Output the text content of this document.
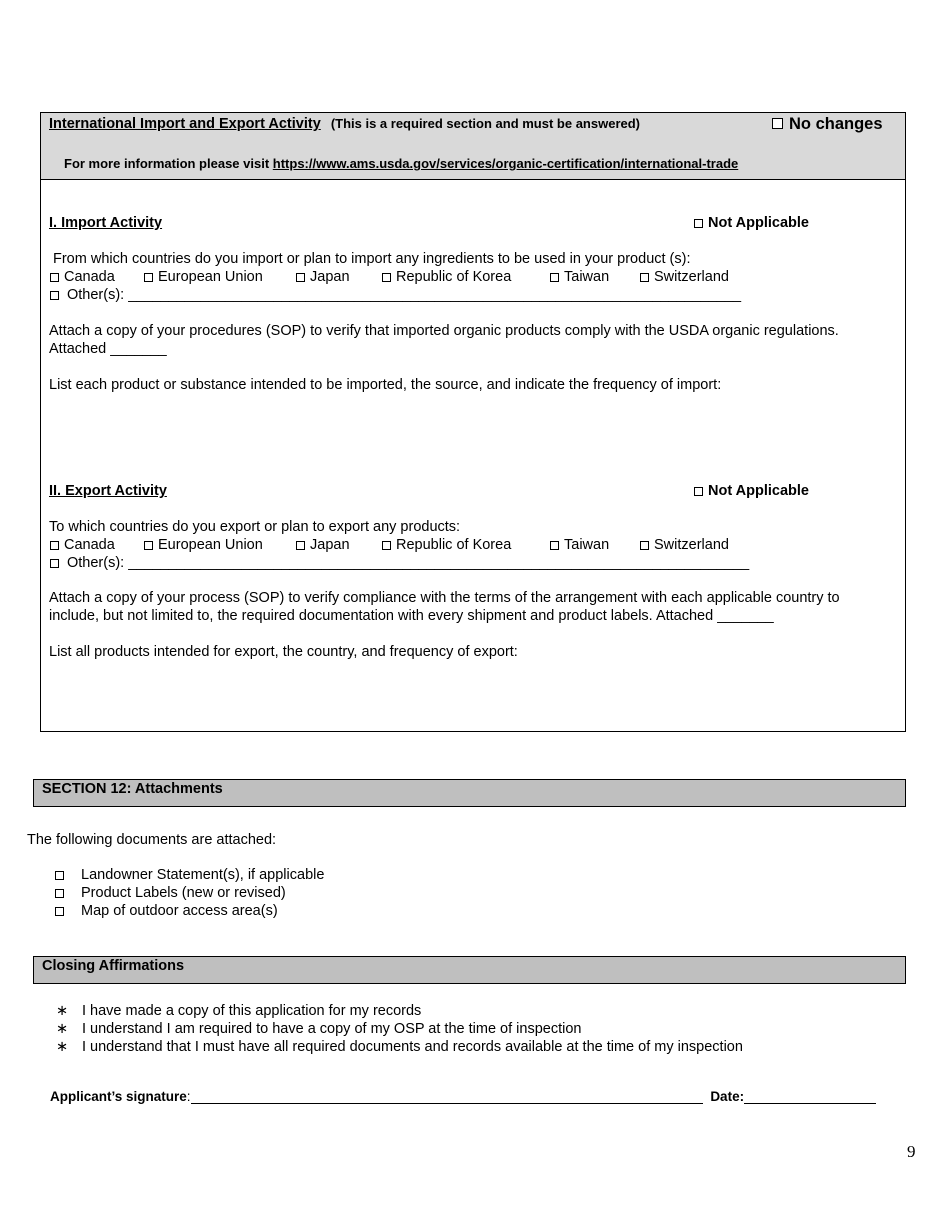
International Import and Export Activity (This is a required section and must be answered)	No changes
For more information please visit https://www.ams.usda.gov/services/organic-certification/international-trade
I. Import Activity	Not Applicable
From which countries do you import or plan to import any ingredients to be used in your product (s):
Canada	European Union	Japan	Republic of Korea	Taiwan	Switzerland
Other(s): ____________________________________________________________________________
Attach a copy of your procedures (SOP) to verify that imported organic products comply with the USDA organic regulations.
Attached _______
List each product or substance intended to be imported, the source, and indicate the frequency of import:
II. Export Activity	Not Applicable
To which countries do you export or plan to export any products:
Canada	European Union	Japan	Republic of Korea	Taiwan	Switzerland
Other(s): _____________________________________________________________________________
Attach a copy of your process (SOP) to verify compliance with the terms of the arrangement with each applicable country to
include, but not limited to, the required documentation with every shipment and product labels. Attached _______
List all products intended for export, the country, and frequency of export:
SECTION 12: Attachments
The following documents are attached:
Landowner Statement(s), if applicable
Product Labels (new or revised)
Map of outdoor access area(s)
Closing Affirmations
∗ I have made a copy of this application for my records
∗ I understand I am required to have a copy of my OSP at the time of inspection
∗ I understand that I must have all required documents and records available at the time of my inspection
Applicant’s signature:	Date:
9
